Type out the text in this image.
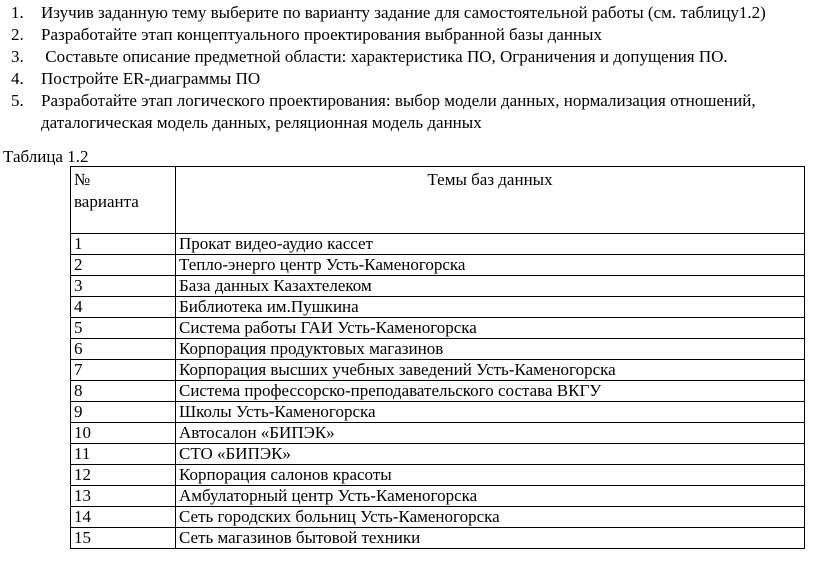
1. Изучив заданную тему выберите по варианту задание для самостоятельной работы (см. таблицу1.2)
2. Разработайте этап концептуального проектирования выбранной базы данных
3. Составьте описание предметной области: характеристика ПО, Ограничения и допущения ПО.
4. Постройте ER-диаграммы ПО
5. Разработайте этап логического проектирования: выбор модели данных, нормализация отношений, даталогическая модель данных, реляционная модель данных
Таблица 1.2
№
варианта	Темы баз данных
1	Прокат видео-аудио кассет
2	Тепло-энерго центр Усть-Каменогорска
3	База данных Казахтелеком
4	Библиотека им.Пушкина
5	Система работы ГАИ Усть-Каменогорска
6	Корпорация продуктовых магазинов
7	Корпорация высших учебных заведений Усть-Каменогорска
8	Система профессорско-преподавательского состава ВКГУ
9	Школы Усть-Каменогорска
10	Автосалон «БИПЭК»
11	СТО «БИПЭК»
12	Корпорация салонов красоты
13	Амбулаторный центр Усть-Каменогорска
14	Сеть городских больниц Усть-Каменогорска
15	Сеть магазинов бытовой техники
